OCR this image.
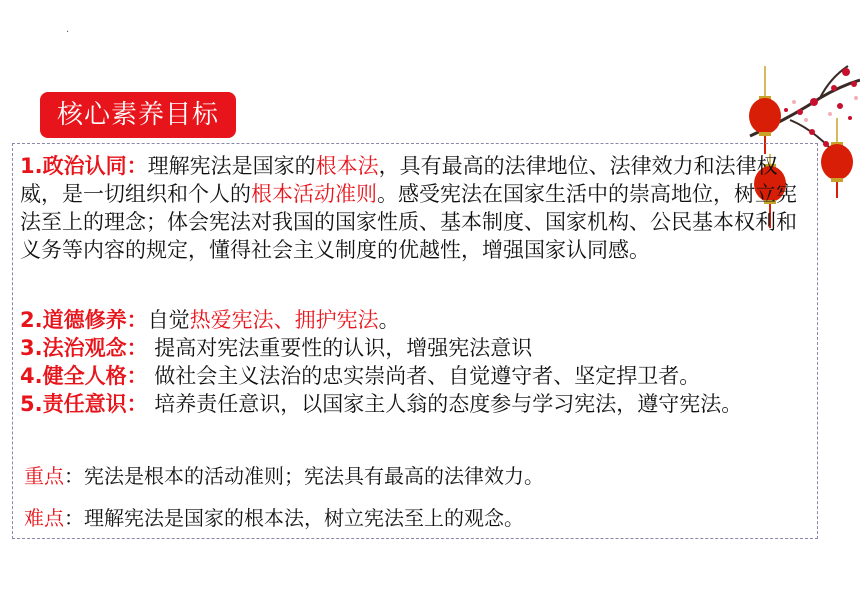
.
核心素养目标
1.政治认同：理解宪法是国家的根本法，具有最高的法律地位、法律效力和法律权威，是一切组织和个人的根本活动准则。感受宪法在国家生活中的崇高地位，树立宪法至上的理念；体会宪法对我国的国家性质、基本制度、国家机构、公民基本权利和义务等内容的规定，懂得社会主义制度的优越性，增强国家认同感。
2.道德修养：自觉热爱宪法、拥护宪法。
3.法治观念： 提高对宪法重要性的认识，增强宪法意识
4.健全人格： 做社会主义法治的忠实崇尚者、自觉遵守者、坚定捍卫者。
5.责任意识： 培养责任意识，以国家主人翁的态度参与学习宪法，遵守宪法。
重点：宪法是根本的活动准则；宪法具有最高的法律效力。
难点：理解宪法是国家的根本法，树立宪法至上的观念。
